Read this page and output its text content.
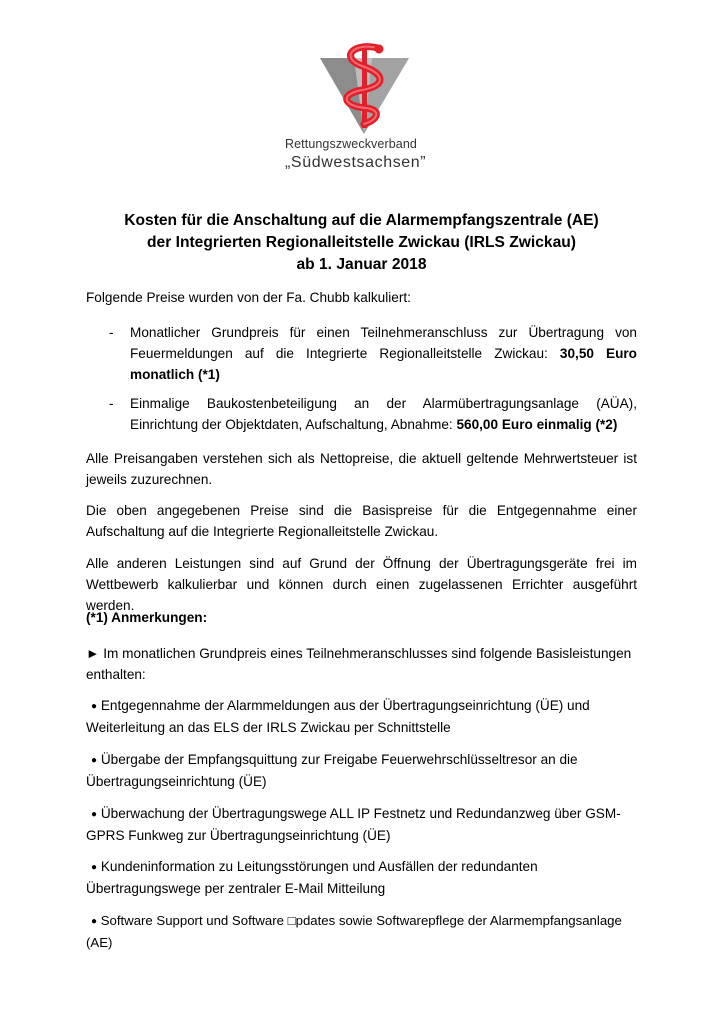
Rettungszweckverband
„Südwestsachsen”
Kosten für die Anschaltung auf die Alarmempfangszentrale (AE)
der Integrierten Regionalleitstelle Zwickau (IRLS Zwickau)
ab 1. Januar 2018
Folgende Preise wurden von der Fa. Chubb kalkuliert:
- Monatlicher Grundpreis für einen Teilnehmeranschluss zur Übertragung von Feuermeldungen auf die Integrierte Regionalleitstelle Zwickau: 30,50 Euro monatlich (*1)
- Einmalige Baukostenbeteiligung an der Alarmübertragungsanlage (AÜA), Einrichtung der Objektdaten, Aufschaltung, Abnahme: 560,00 Euro einmalig (*2)
Alle Preisangaben verstehen sich als Nettopreise, die aktuell geltende Mehrwertsteuer ist jeweils zuzurechnen.
Die oben angegebenen Preise sind die Basispreise für die Entgegennahme einer Aufschaltung auf die Integrierte Regionalleitstelle Zwickau.
Alle anderen Leistungen sind auf Grund der Öffnung der Übertragungsgeräte frei im Wettbewerb kalkulierbar und können durch einen zugelassenen Errichter ausgeführt werden.
(*1) Anmerkungen:
► Im monatlichen Grundpreis eines Teilnehmeranschlusses sind folgende Basisleistungen enthalten:
● Entgegennahme der Alarmmeldungen aus der Übertragungseinrichtung (ÜE) und
Weiterleitung an das ELS der IRLS Zwickau per Schnittstelle
● Übergabe der Empfangsquittung zur Freigabe Feuerwehrschlüsseltresor an die
Übertragungseinrichtung (ÜE)
● Überwachung der Übertragungswege ALL IP Festnetz und Redundanzweg über GSM-
GPRS Funkweg zur Übertragungseinrichtung (ÜE)
● Kundeninformation zu Leitungsstörungen und Ausfällen der redundanten
Übertragungswege per zentraler E-Mail Mitteilung
● Software Support und Software □pdates sowie Softwarepflege der Alarmempfangsanlage
(AE)
